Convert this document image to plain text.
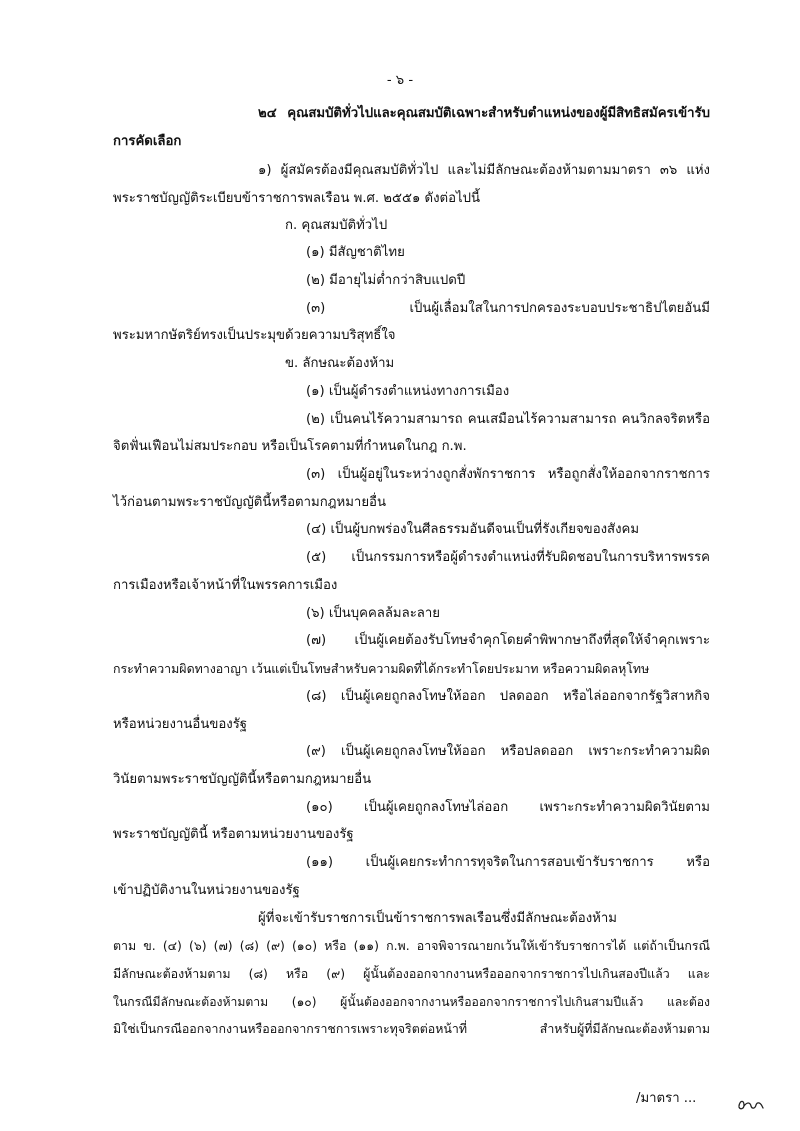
- ๖ -
๒๔ คุณสมบัติทั่วไปและคุณสมบัติเฉพาะสำหรับตำแหน่งของผู้มีสิทธิสมัครเข้ารับ
การคัดเลือก
๑) ผู้สมัครต้องมีคุณสมบัติทั่วไป และไม่มีลักษณะต้องห้ามตามมาตรา ๓๖ แห่ง
พระราชบัญญัติระเบียบข้าราชการพลเรือน พ.ศ. ๒๕๕๑ ดังต่อไปนี้
ก. คุณสมบัติทั่วไป
(๑) มีสัญชาติไทย
(๒) มีอายุไม่ต่ำกว่าสิบแปดปี
(๓) เป็นผู้เลื่อมใสในการปกครองระบอบประชาธิปไตยอันมี
พระมหากษัตริย์ทรงเป็นประมุขด้วยความบริสุทธิ์ใจ
ข. ลักษณะต้องห้าม
(๑) เป็นผู้ดำรงตำแหน่งทางการเมือง
(๒) เป็นคนไร้ความสามารถ คนเสมือนไร้ความสามารถ คนวิกลจริตหรือ
จิตฟั่นเฟือนไม่สมประกอบ หรือเป็นโรคตามที่กำหนดในกฎ ก.พ.
(๓) เป็นผู้อยู่ในระหว่างถูกสั่งพักราชการ หรือถูกสั่งให้ออกจากราชการ
ไว้ก่อนตามพระราชบัญญัตินี้หรือตามกฎหมายอื่น
(๔) เป็นผู้บกพร่องในศีลธรรมอันดีจนเป็นที่รังเกียจของสังคม
(๕) เป็นกรรมการหรือผู้ดำรงตำแหน่งที่รับผิดชอบในการบริหารพรรค
การเมืองหรือเจ้าหน้าที่ในพรรคการเมือง
(๖) เป็นบุคคลล้มละลาย
(๗) เป็นผู้เคยต้องรับโทษจำคุกโดยคำพิพากษาถึงที่สุดให้จำคุกเพราะ
กระทำความผิดทางอาญา เว้นแต่เป็นโทษสำหรับความผิดที่ได้กระทำโดยประมาท หรือความผิดลหุโทษ
(๘) เป็นผู้เคยถูกลงโทษให้ออก ปลดออก หรือไล่ออกจากรัฐวิสาหกิจ
หรือหน่วยงานอื่นของรัฐ
(๙) เป็นผู้เคยถูกลงโทษให้ออก หรือปลดออก เพราะกระทำความผิด
วินัยตามพระราชบัญญัตินี้หรือตามกฎหมายอื่น
(๑๐) เป็นผู้เคยถูกลงโทษไล่ออก เพราะกระทำความผิดวินัยตาม
พระราชบัญญัตินี้ หรือตามหน่วยงานของรัฐ
(๑๑) เป็นผู้เคยกระทำการทุจริตในการสอบเข้ารับราชการ หรือ
เข้าปฏิบัติงานในหน่วยงานของรัฐ
ผู้ที่จะเข้ารับราชการเป็นข้าราชการพลเรือนซึ่งมีลักษณะต้องห้าม
ตาม ข. (๔) (๖) (๗) (๘) (๙) (๑๐) หรือ (๑๑) ก.พ. อาจพิจารณายกเว้นให้เข้ารับราชการได้ แต่ถ้าเป็นกรณี
มีลักษณะต้องห้ามตาม (๘) หรือ (๙) ผู้นั้นต้องออกจากงานหรือออกจากราชการไปเกินสองปีแล้ว และ
ในกรณีมีลักษณะต้องห้ามตาม (๑๐) ผู้นั้นต้องออกจากงานหรือออกจากราชการไปเกินสามปีแล้ว และต้อง
มิใช่เป็นกรณีออกจากงานหรือออกจากราชการเพราะทุจริตต่อหน้าที่ สำหรับผู้ที่มีลักษณะต้องห้ามตาม
/มาตรา ...
